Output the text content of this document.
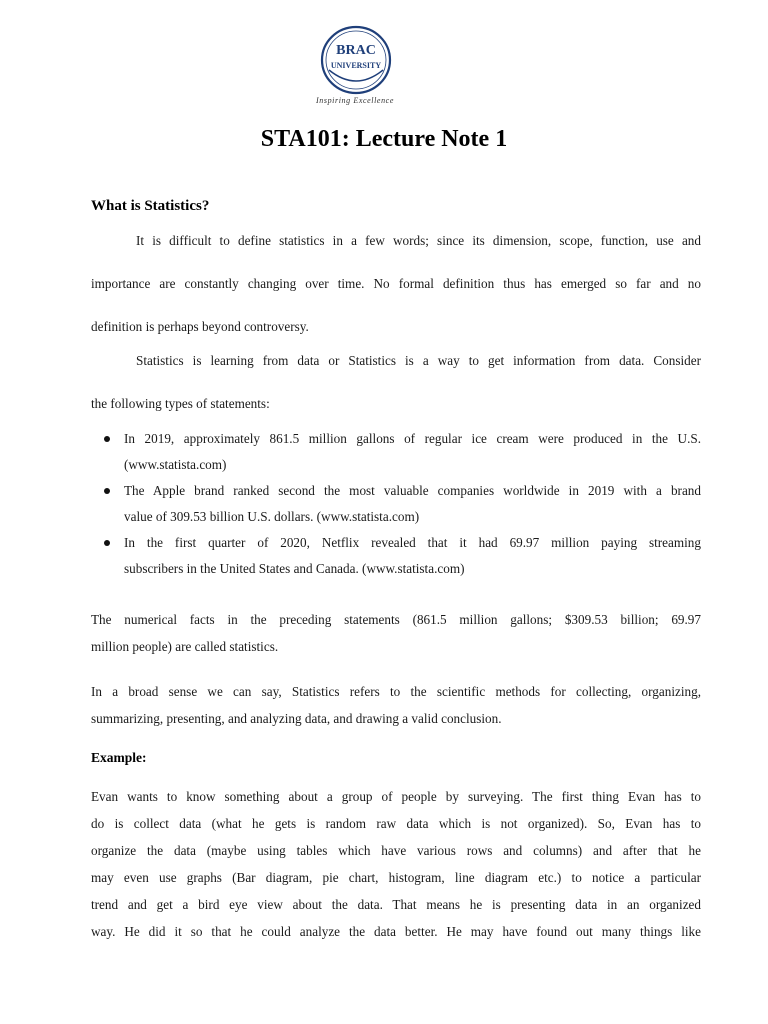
BRAC
UNIVERSITY
Inspiring Excellence
STA101: Lecture Note 1
What is Statistics?
It is difficult to define statistics in a few words; since its dimension, scope, function, use and
importance are constantly changing over time. No formal definition thus has emerged so far and no
definition is perhaps beyond controversy.
Statistics is learning from data or Statistics is a way to get information from data. Consider
the following types of statements:
In 2019, approximately 861.5 million gallons of regular ice cream were produced in the U.S.
(www.statista.com)
The Apple brand ranked second the most valuable companies worldwide in 2019 with a brand
value of 309.53 billion U.S. dollars. (www.statista.com)
In the first quarter of 2020, Netflix revealed that it had 69.97 million paying streaming
subscribers in the United States and Canada. (www.statista.com)
The numerical facts in the preceding statements (861.5 million gallons; $309.53 billion; 69.97
million people) are called statistics.
In a broad sense we can say, Statistics refers to the scientific methods for collecting, organizing,
summarizing, presenting, and analyzing data, and drawing a valid conclusion.
Example:
Evan wants to know something about a group of people by surveying. The first thing Evan has to
do is collect data (what he gets is random raw data which is not organized). So, Evan has to
organize the data (maybe using tables which have various rows and columns) and after that he
may even use graphs (Bar diagram, pie chart, histogram, line diagram etc.) to notice a particular
trend and get a bird eye view about the data. That means he is presenting data in an organized
way. He did it so that he could analyze the data better. He may have found out many things like
